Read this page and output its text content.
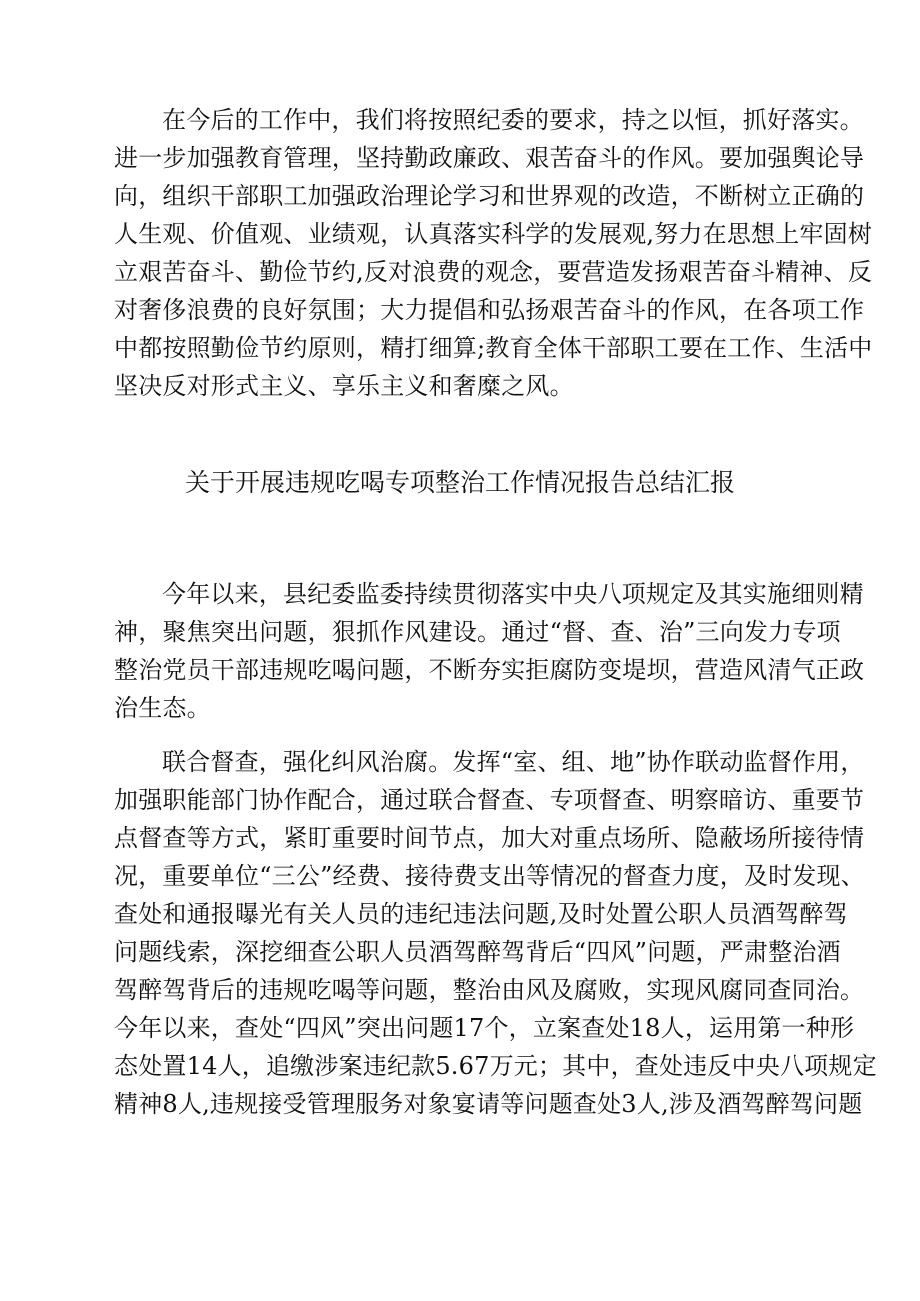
在今后的工作中，我们将按照纪委的要求，持之以恒，抓好落实。
进一步加强教育管理，坚持勤政廉政、艰苦奋斗的作风。要加强舆论导
向，组织干部职工加强政治理论学习和世界观的改造，不断树立正确的
人生观、价值观、业绩观，认真落实科学的发展观,努力在思想上牢固树
立艰苦奋斗、勤俭节约,反对浪费的观念，要营造发扬艰苦奋斗精神、反
对奢侈浪费的良好氛围；大力提倡和弘扬艰苦奋斗的作风，在各项工作
中都按照勤俭节约原则，精打细算;教育全体干部职工要在工作、生活中
坚决反对形式主义、享乐主义和奢糜之风。
关于开展违规吃喝专项整治工作情况报告总结汇报
今年以来，县纪委监委持续贯彻落实中央八项规定及其实施细则精
神，聚焦突出问题，狠抓作风建设。通过“督、查、治”三向发力专项
整治党员干部违规吃喝问题，不断夯实拒腐防变堤坝，营造风清气正政
治生态。
联合督查，强化纠风治腐。发挥“室、组、地”协作联动监督作用，
加强职能部门协作配合，通过联合督查、专项督查、明察暗访、重要节
点督查等方式，紧盯重要时间节点，加大对重点场所、隐蔽场所接待情
况，重要单位“三公”经费、接待费支出等情况的督查力度，及时发现、
查处和通报曝光有关人员的违纪违法问题,及时处置公职人员酒驾醉驾
问题线索，深挖细查公职人员酒驾醉驾背后“四风”问题，严肃整治酒
驾醉驾背后的违规吃喝等问题，整治由风及腐败，实现风腐同查同治。
今年以来，查处“四风”突出问题17个，立案查处18人，运用第一种形
态处置14人，追缴涉案违纪款5.67万元；其中，查处违反中央八项规定
精神8人,违规接受管理服务对象宴请等问题查处3人,涉及酒驾醉驾问题
